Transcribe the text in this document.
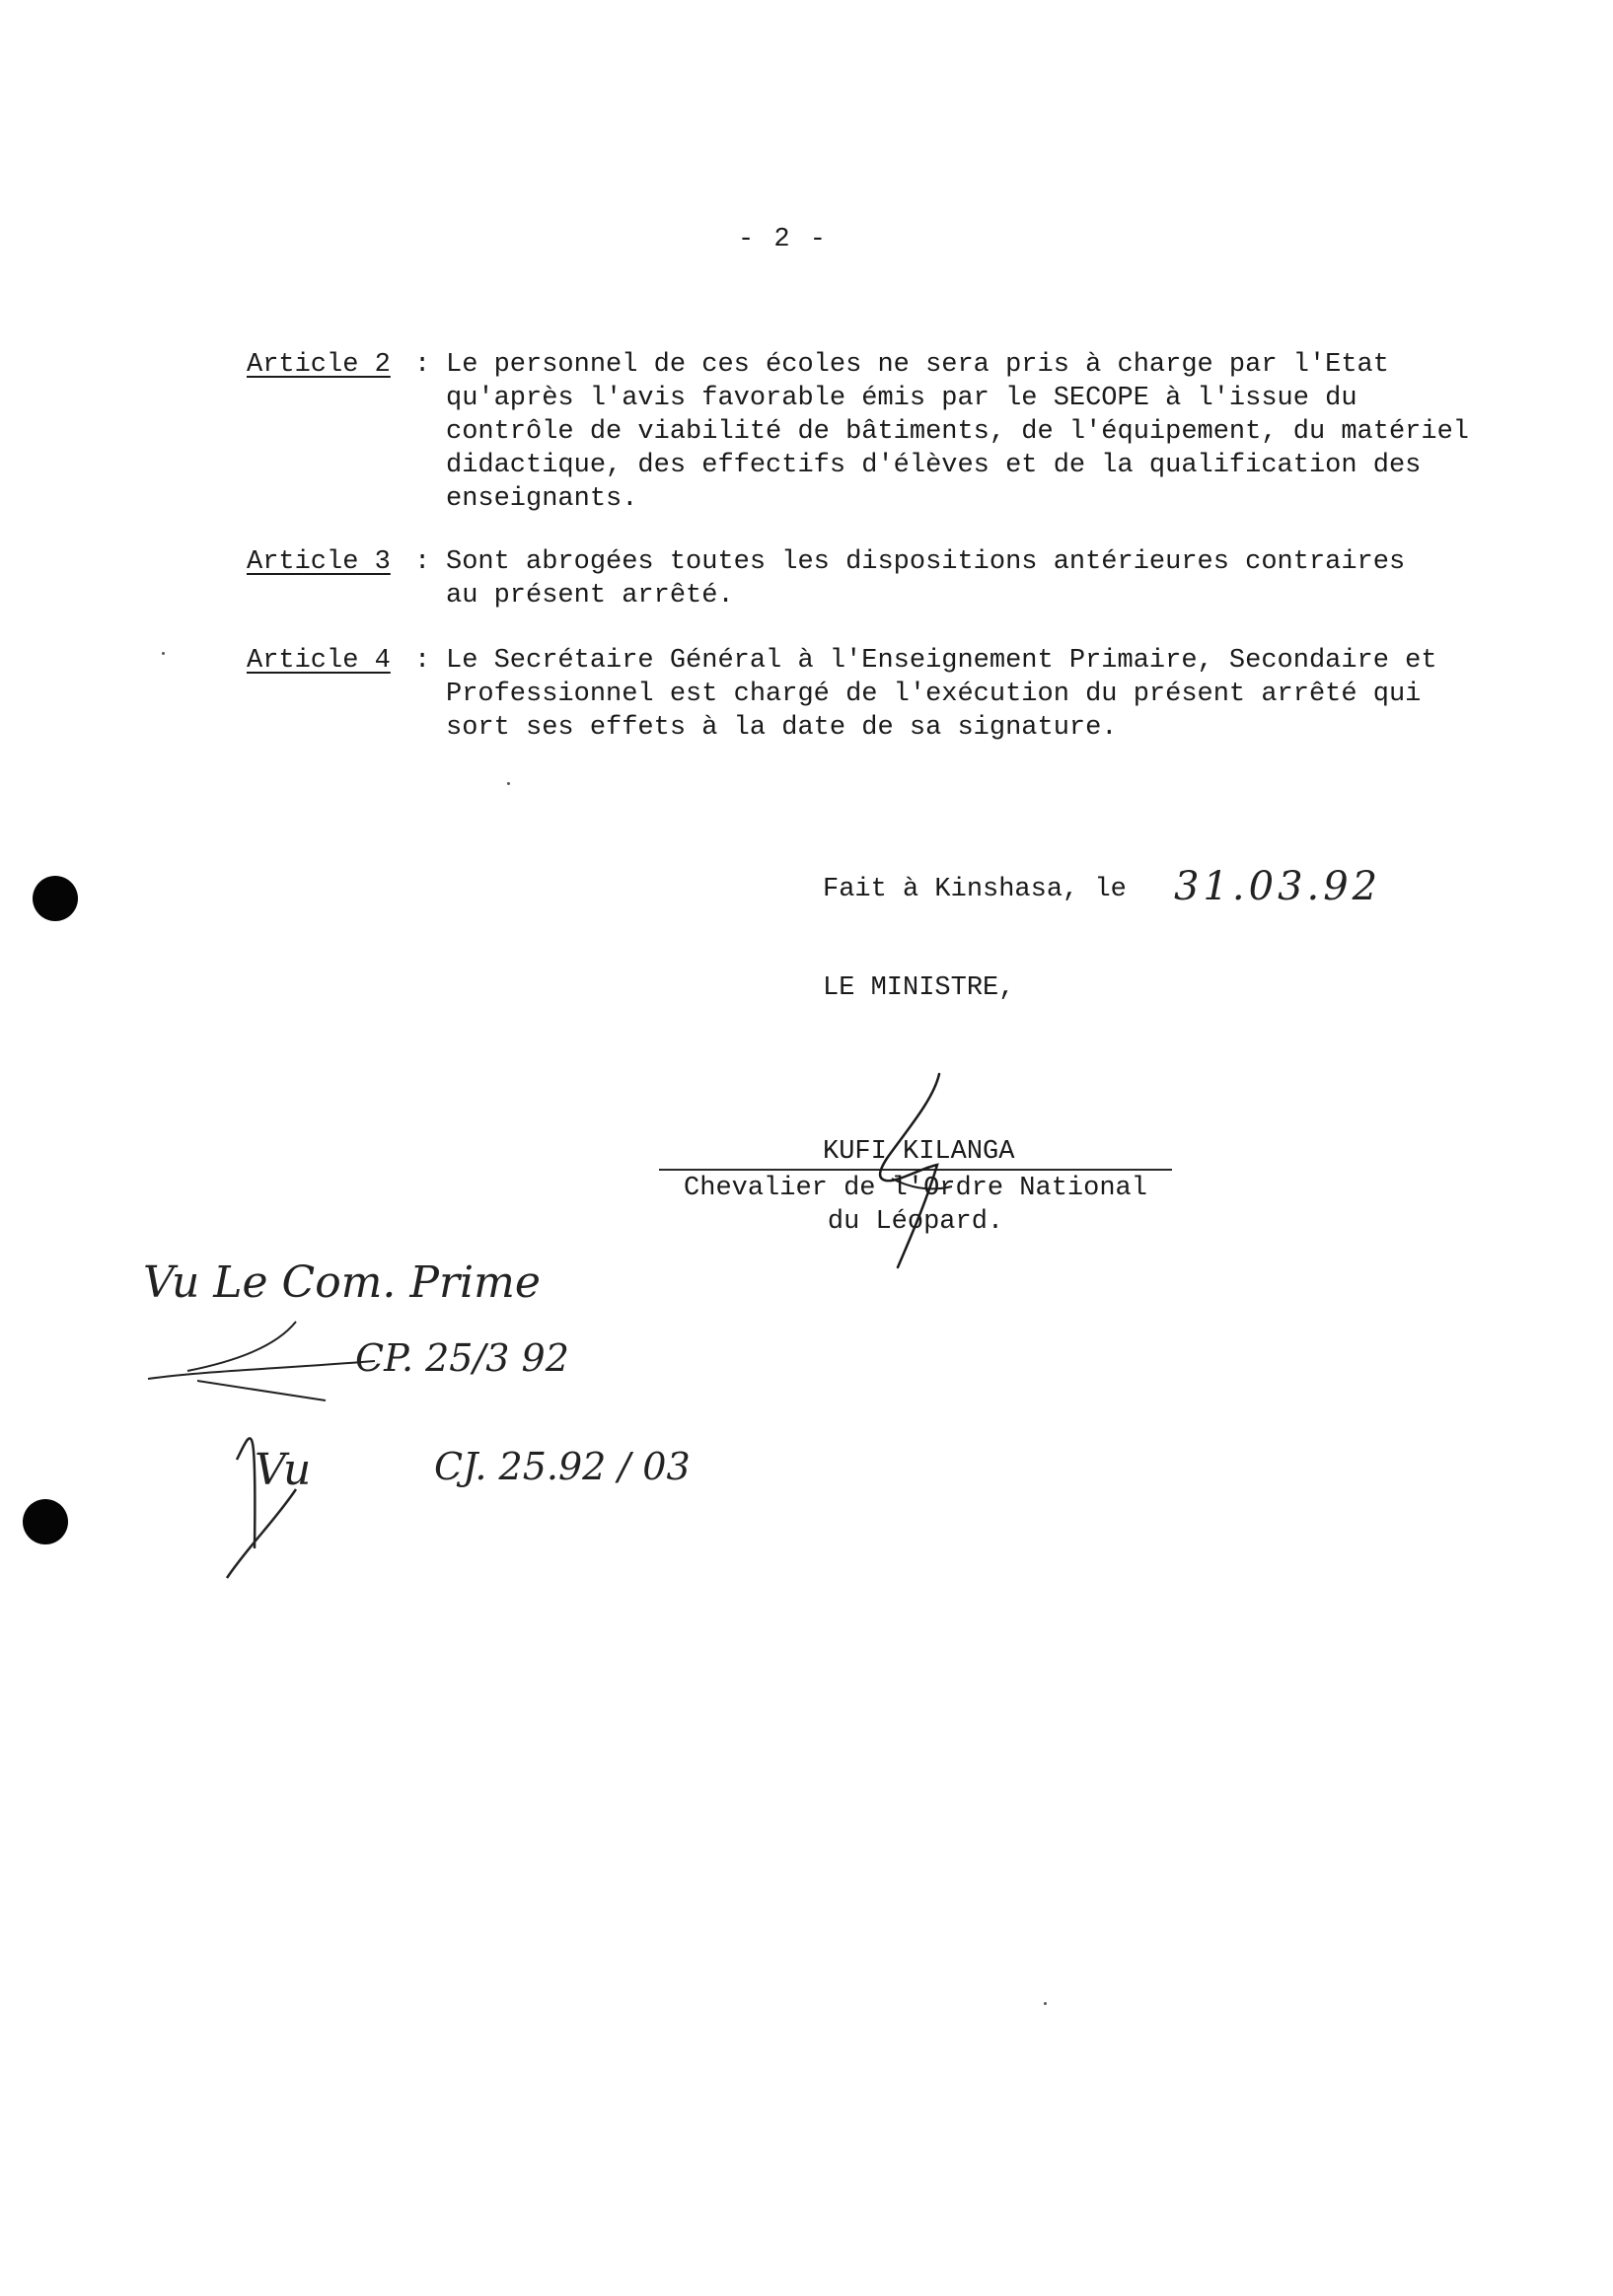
- 2 -
Article 2 : Le personnel de ces écoles ne sera pris à charge par l'Etat
qu'après l'avis favorable émis par le SECOPE à l'issue du
contrôle de viabilité de bâtiments, de l'équipement, du matériel
didactique, des effectifs d'élèves et de la qualification des
enseignants.
Article 3 : Sont abrogées toutes les dispositions antérieures contraires
au présent arrêté.
Article 4 : Le Secrétaire Général à l'Enseignement Primaire, Secondaire et
Professionnel est chargé de l'exécution du présent arrêté qui
sort ses effets à la date de sa signature.
Fait à Kinshasa, le 31.03.92
LE MINISTRE,
KUFI KILANGA
Chevalier de l'Ordre National
du Léopard.
Vu Le Com. Prime
CP. 25/3 92
Vu	CJ. 25.92 / 03
